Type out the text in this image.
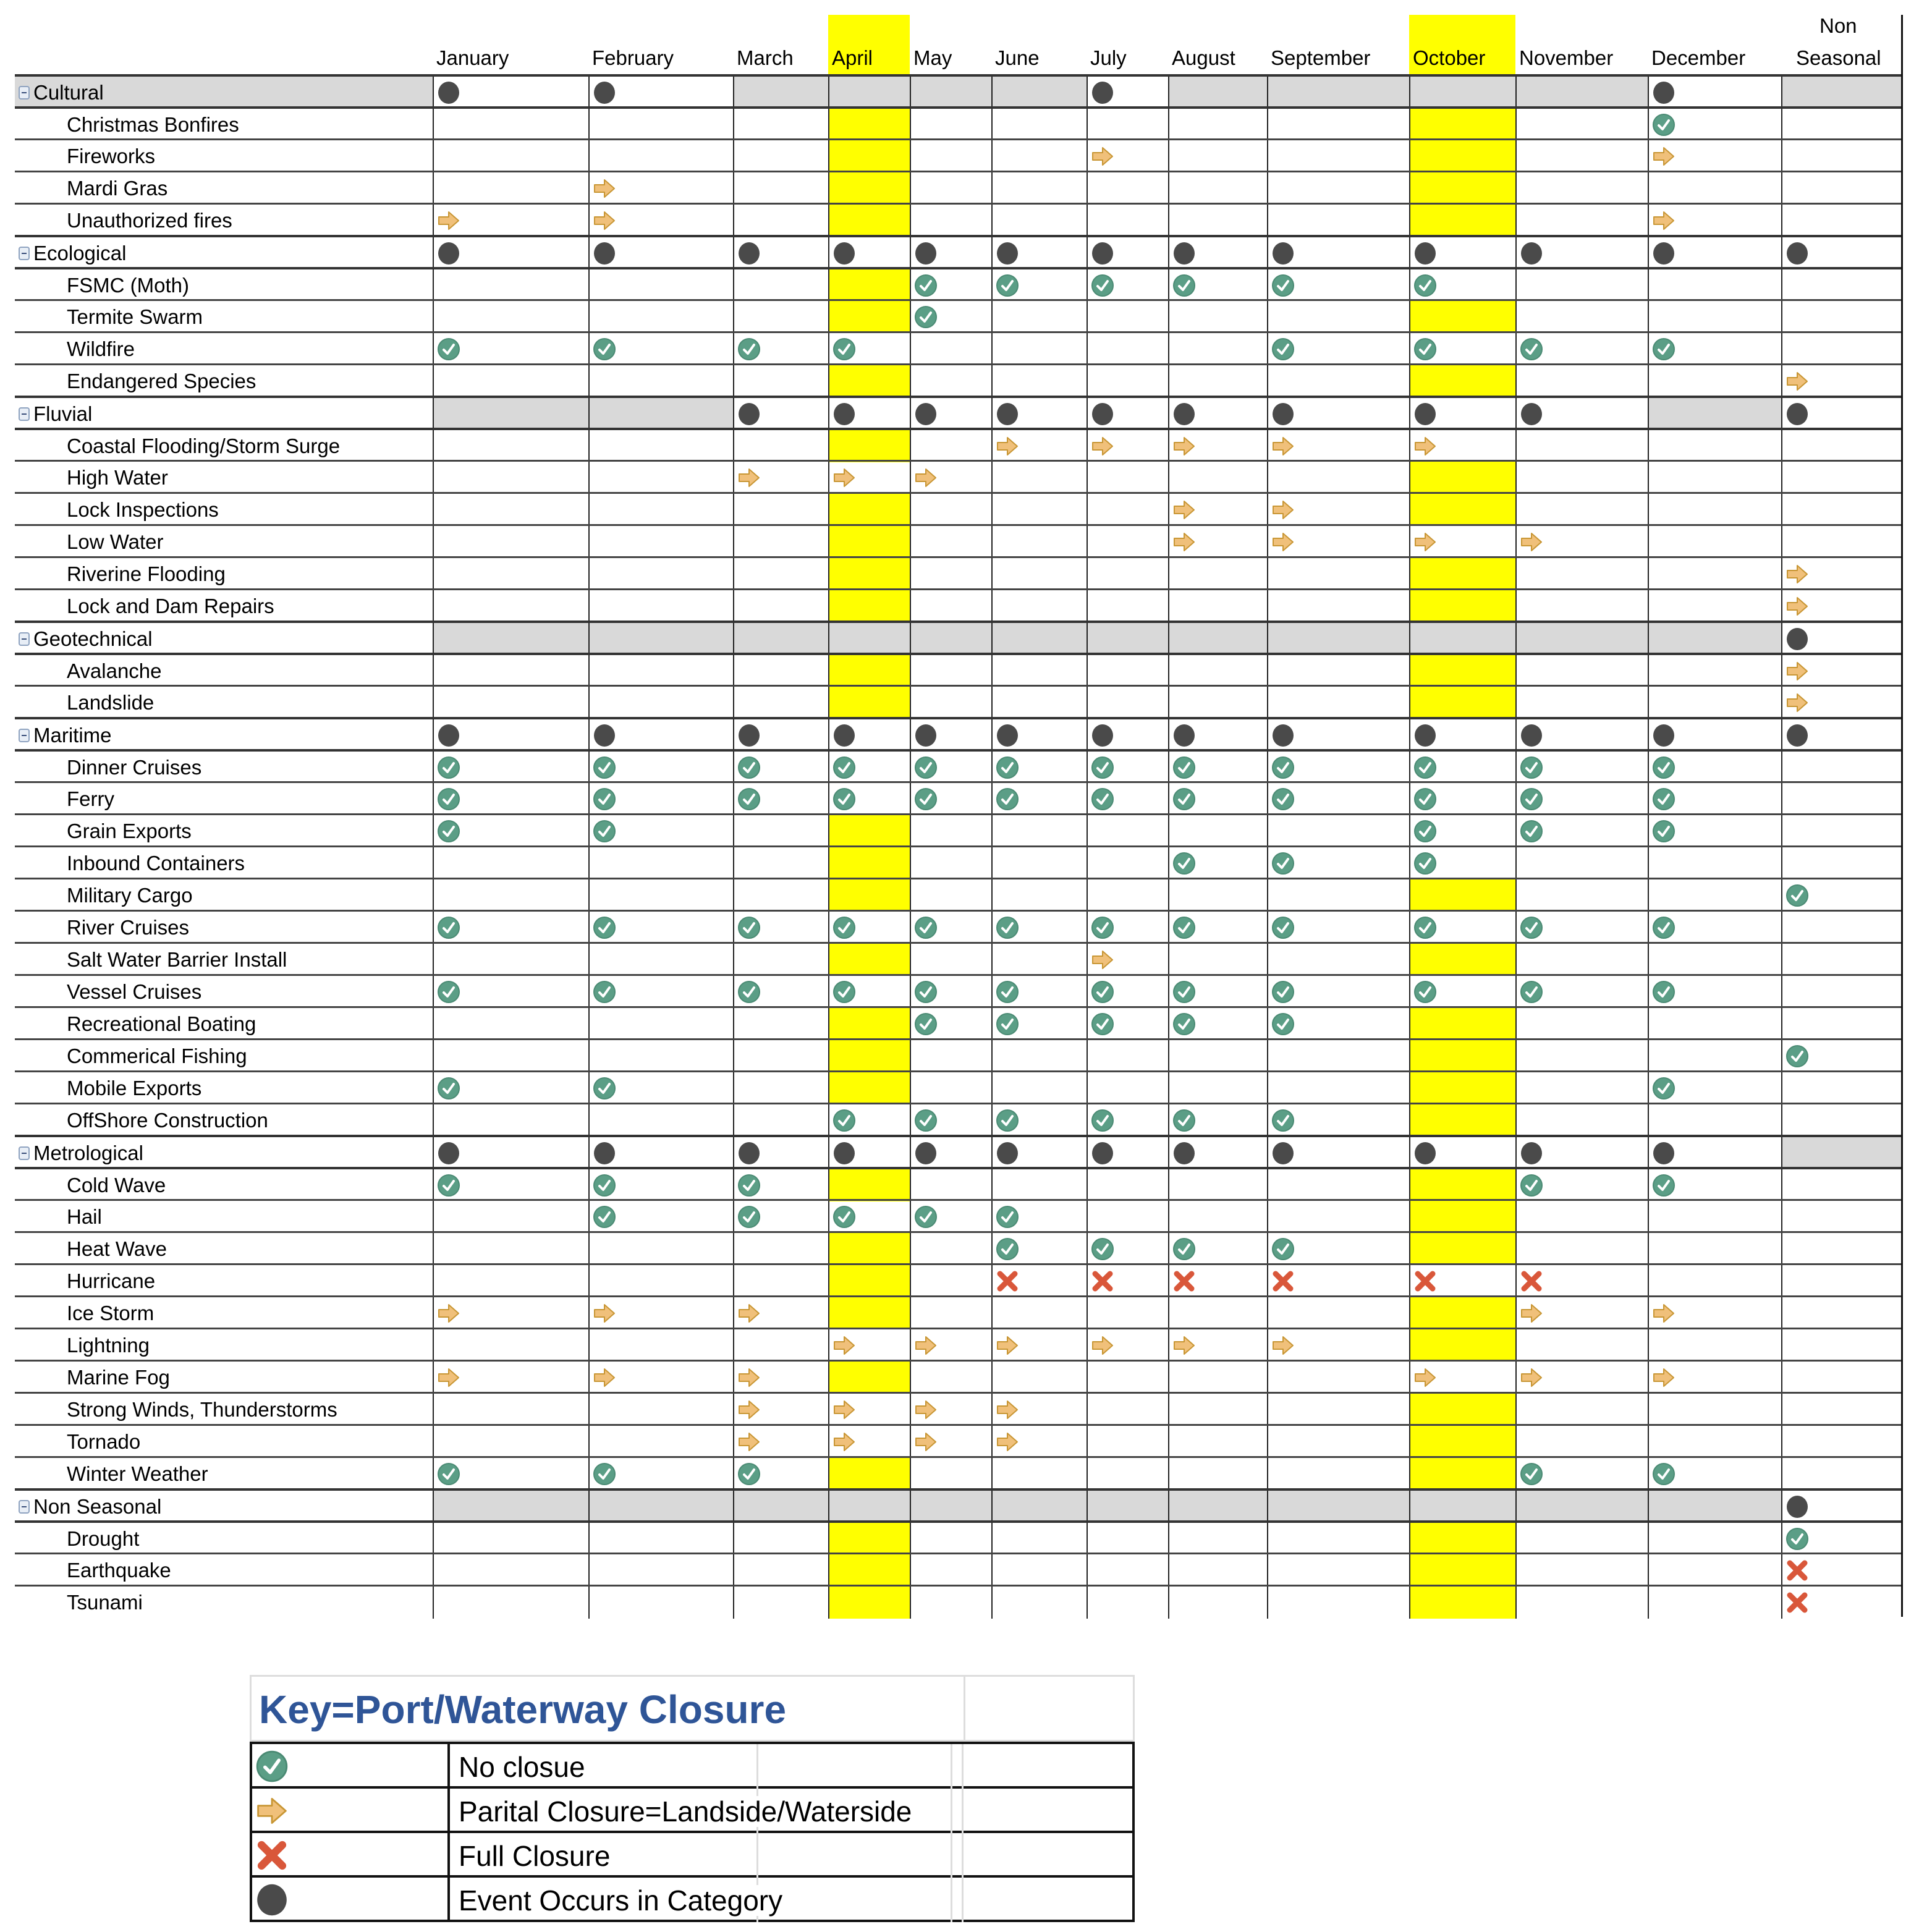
January	February	March April May June July August September October November December
Non
Seasonal
Cultural
Christmas Bonfires
Fireworks
Mardi Gras
Unauthorized fires
Ecological
FSMC (Moth)
Termite Swarm
Wildfire
Endangered Species
Fluvial
Coastal Flooding/Storm Surge
High Water
Lock Inspections
Low Water
Riverine Flooding
Lock and Dam Repairs
Geotechnical
Avalanche
Landslide
Maritime
Dinner Cruises
Ferry
Grain Exports
Inbound Containers
Military Cargo
River Cruises
Salt Water Barrier Install
Vessel Cruises
Recreational Boating
Commerical Fishing
Mobile Exports
OffShore Construction
Metrological
Cold Wave
Hail
Heat Wave
Hurricane
Ice Storm
Lightning
Marine Fog
Strong Winds, Thunderstorms
Tornado
Winter Weather
Non Seasonal
Drought
Earthquake
Tsunami
Key=Port/Waterway Closure
No closue
Parital Closure=Landside/Waterside
Full Closure
Event Occurs in Category
